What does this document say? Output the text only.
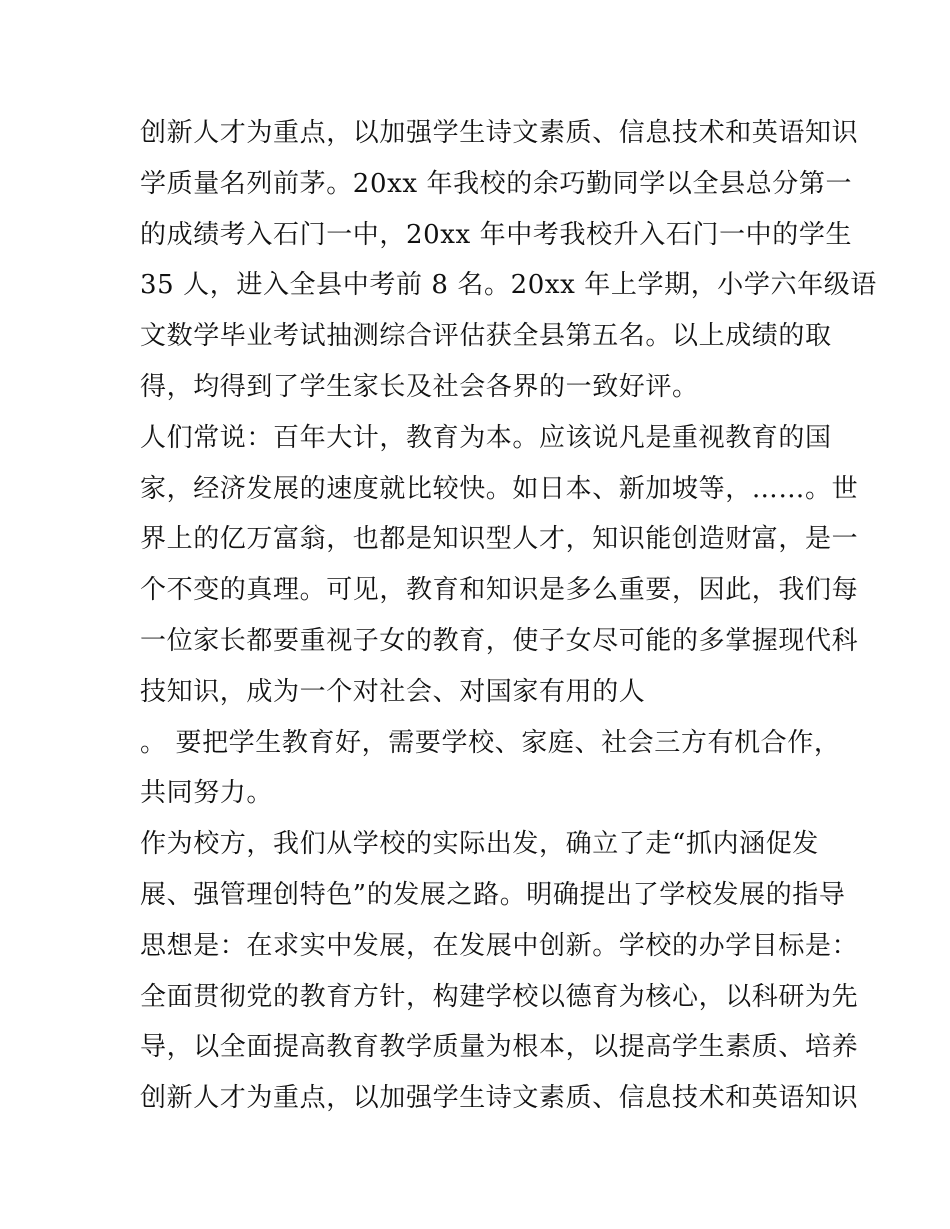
创新人才为重点，以加强学生诗文素质、信息技术和英语知识
学质量名列前茅。20xx 年我校的余巧勤同学以全县总分第一
的成绩考入石门一中，20xx 年中考我校升入石门一中的学生
35 人，进入全县中考前 8 名。20xx 年上学期，小学六年级语
文数学毕业考试抽测综合评估获全县第五名。以上成绩的取
得，均得到了学生家长及社会各界的一致好评。
人们常说：百年大计，教育为本。应该说凡是重视教育的国
家，经济发展的速度就比较快。如日本、新加坡等，……。世
界上的亿万富翁，也都是知识型人才，知识能创造财富，是一
个不变的真理。可见，教育和知识是多么重要，因此，我们每
一位家长都要重视子女的教育，使子女尽可能的多掌握现代科
技知识，成为一个对社会、对国家有用的人
。 要把学生教育好，需要学校、家庭、社会三方有机合作，
共同努力。
作为校方，我们从学校的实际出发，确立了走“抓内涵促发
展、强管理创特色”的发展之路。明确提出了学校发展的指导
思想是：在求实中发展，在发展中创新。学校的办学目标是：
全面贯彻党的教育方针，构建学校以德育为核心，以科研为先
导，以全面提高教育教学质量为根本，以提高学生素质、培养
创新人才为重点，以加强学生诗文素质、信息技术和英语知识
